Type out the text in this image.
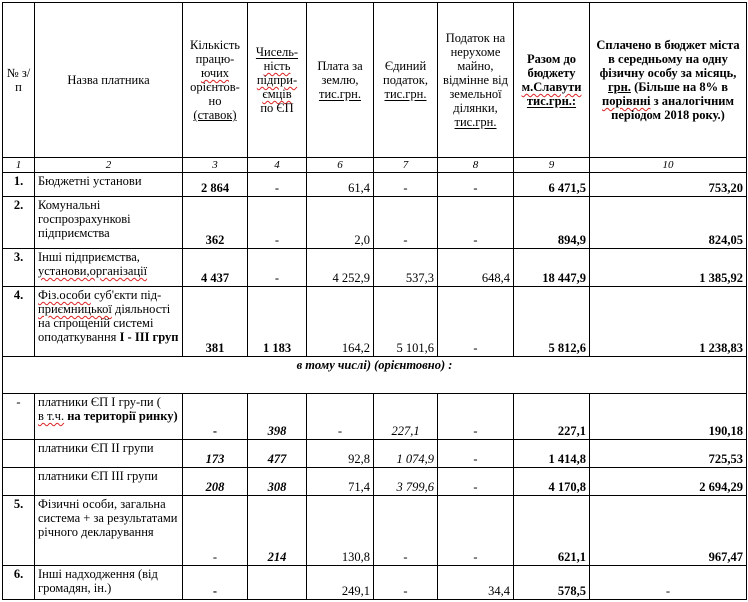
№ з/п	Назва платника	Кількість працю-
ючих
орієнтов-
но
(ставок)	Чисель-
ність
підпри-
ємців
по ЄП	Плата за землю,
тис.грн.	Єдиний податок,
тис.грн.	Податок на нерухоме майно, відмінне від земельної ділянки,
тис.грн.	Разом до бюджету
м.Славути
тис.грн.:	Сплачено в бюджет міста в середньому на одну фізичну особу за місяць, грн. (Більше на 8% в порівнні з аналогічним періодом 2018 року.)
1	2	3	4	6	7	8	9	10
1.	Бюджетні установи	2 864	-	61,4	-	-	6 471,5	753,20
2.	Комунальні госпрозрахункові підприємства	362	-	2,0	-	-	894,9	824,05
3.	Інші підприємства,
установи,організації	4 437	-	4 252,9	537,3	648,4	18 447,9	1 385,92
4.	Фіз.особи суб'єкти під- приємницької діяльності на спрощеній системі оподаткування І - ІІІ груп	381	1 183	164,2	5 101,6	-	5 812,6	1 238,83
в тому числі) (орієнтовно) :								
-	платники ЄП І гру-пи (
в т.ч. на території ринку)	-	398	-	227,1	-	227,1	190,18
	платники ЄП ІІ групи	173	477	92,8	1 074,9	-	1 414,8	725,53
	платники ЄП ІІІ групи	208	308	71,4	3 799,6	-	4 170,8	2 694,29
5.	Фізичні особи, загальна система + за результатами річного декларування	-	214	130,8	-	-	621,1	967,47
6.	Інші надходження (від громадян, ін.)	-		249,1	-	34,4	578,5	-
